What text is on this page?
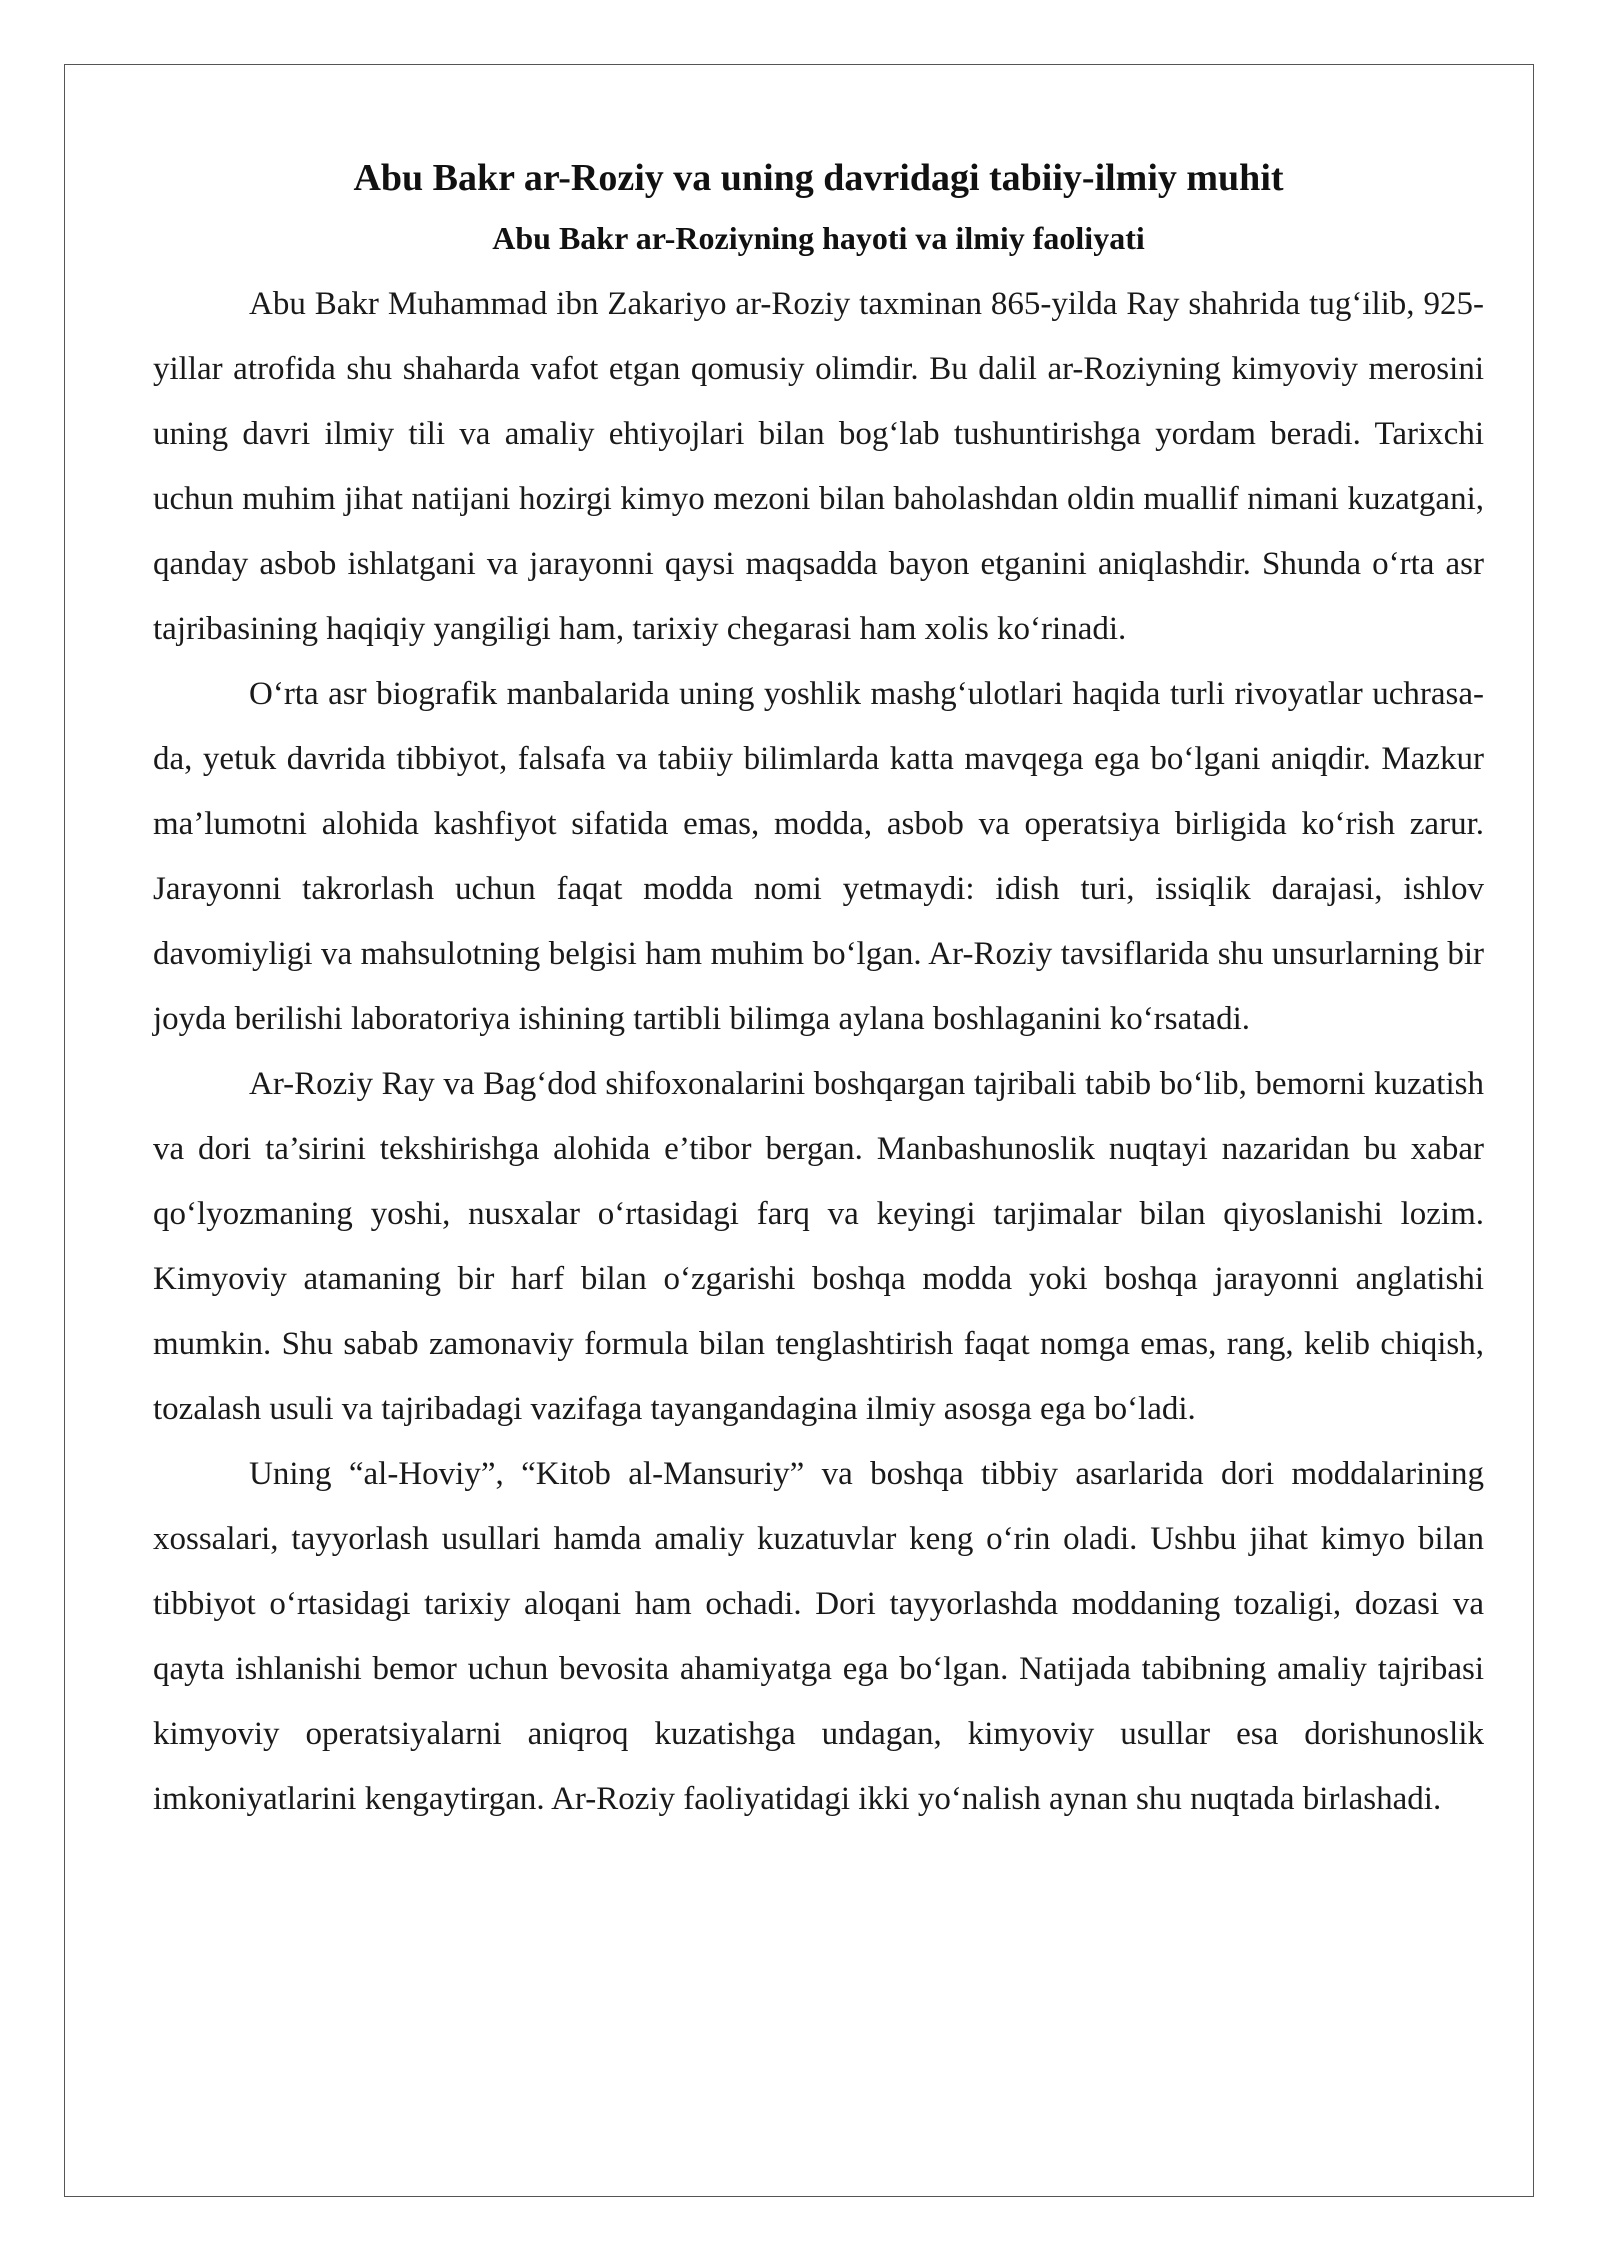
Abu Bakr ar-Roziy va uning davridagi tabiiy-ilmiy muhit
Abu Bakr ar-Roziyning hayoti va ilmiy faoliyati

Abu Bakr Muhammad ibn Zakariyo ar-Roziy taxminan 865-yilda Ray shahrida tug‘ilib, 925-yillar atrofida shu shaharda vafot etgan qomusiy olimdir. Bu dalil ar-Roziyning kimyoviy merosini uning davri ilmiy tili va amaliy ehtiyojlari bilan bog‘lab tushuntirishga yordam beradi. Tarixchi uchun muhim jihat natijani hozirgi kimyo mezoni bilan baholashdan oldin muallif nimani kuzatgani, qanday asbob ishlatgani va jarayonni qaysi maqsadda bayon etganini aniqlashdir. Shunda o‘rta asr tajribasining haqiqiy yangiligi ham, tarixiy chegarasi ham xolis ko‘rinadi.

O‘rta asr biografik manbalarida uning yoshlik mashg‘ulotlari haqida turli rivoyatlar uchrasa-da, yetuk davrida tibbiyot, falsafa va tabiiy bilimlarda katta mavqega ega bo‘lgani aniqdir. Mazkur ma’lumotni alohida kashfiyot sifatida emas, modda, asbob va operatsiya birligida ko‘rish zarur. Jarayonni takrorlash uchun faqat modda nomi yetmaydi: idish turi, issiqlik darajasi, ishlov davomiyligi va mahsulotning belgisi ham muhim bo‘lgan. Ar-Roziy tavsiflarida shu unsurlarning bir joyda berilishi laboratoriya ishining tartibli bilimga aylana boshlaganini ko‘rsatadi.

Ar-Roziy Ray va Bag‘dod shifoxonalarini boshqargan tajribali tabib bo‘lib, bemorni kuzatish va dori ta’sirini tekshirishga alohida e’tibor bergan. Manbashunoslik nuqtayi nazaridan bu xabar qo‘lyozmaning yoshi, nusxalar o‘rtasidagi farq va keyingi tarjimalar bilan qiyoslanishi lozim. Kimyoviy atamaning bir harf bilan o‘zgarishi boshqa modda yoki boshqa jarayonni anglatishi mumkin. Shu sabab zamonaviy formula bilan tenglashtirish faqat nomga emas, rang, kelib chiqish, tozalash usuli va tajribadagi vazifaga tayangandagina ilmiy asosga ega bo‘ladi.

Uning “al-Hoviy”, “Kitob al-Mansuriy” va boshqa tibbiy asarlarida dori moddalarining xossalari, tayyorlash usullari hamda amaliy kuzatuvlar keng o‘rin oladi. Ushbu jihat kimyo bilan tibbiyot o‘rtasidagi tarixiy aloqani ham ochadi. Dori tayyorlashda moddaning tozaligi, dozasi va qayta ishlanishi bemor uchun bevosita ahamiyatga ega bo‘lgan. Natijada tabibning amaliy tajribasi kimyoviy operatsiyalarni aniqroq kuzatishga undagan, kimyoviy usullar esa dorishunoslik imkoniyatlarini kengaytirgan. Ar-Roziy faoliyatidagi ikki yo‘nalish aynan shu nuqtada birlashadi.
